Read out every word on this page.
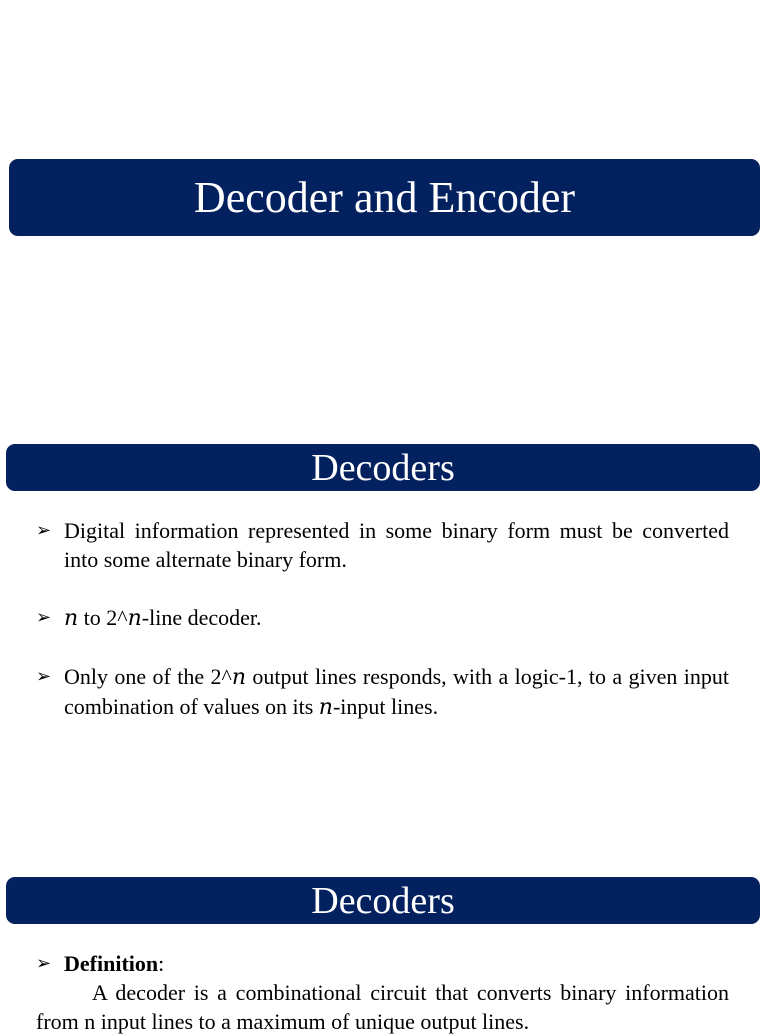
Decoder and Encoder
Decoders
➢ Digital information represented in some binary form must be converted into some alternate binary form.
➢ n to 2^n-line decoder.
➢ Only one of the 2^n output lines responds, with a logic-1, to a given input combination of values on its n-input lines.
Decoders
➢ Definition:

A decoder is a combinational circuit that converts binary information from n input lines to a maximum of unique output lines.
